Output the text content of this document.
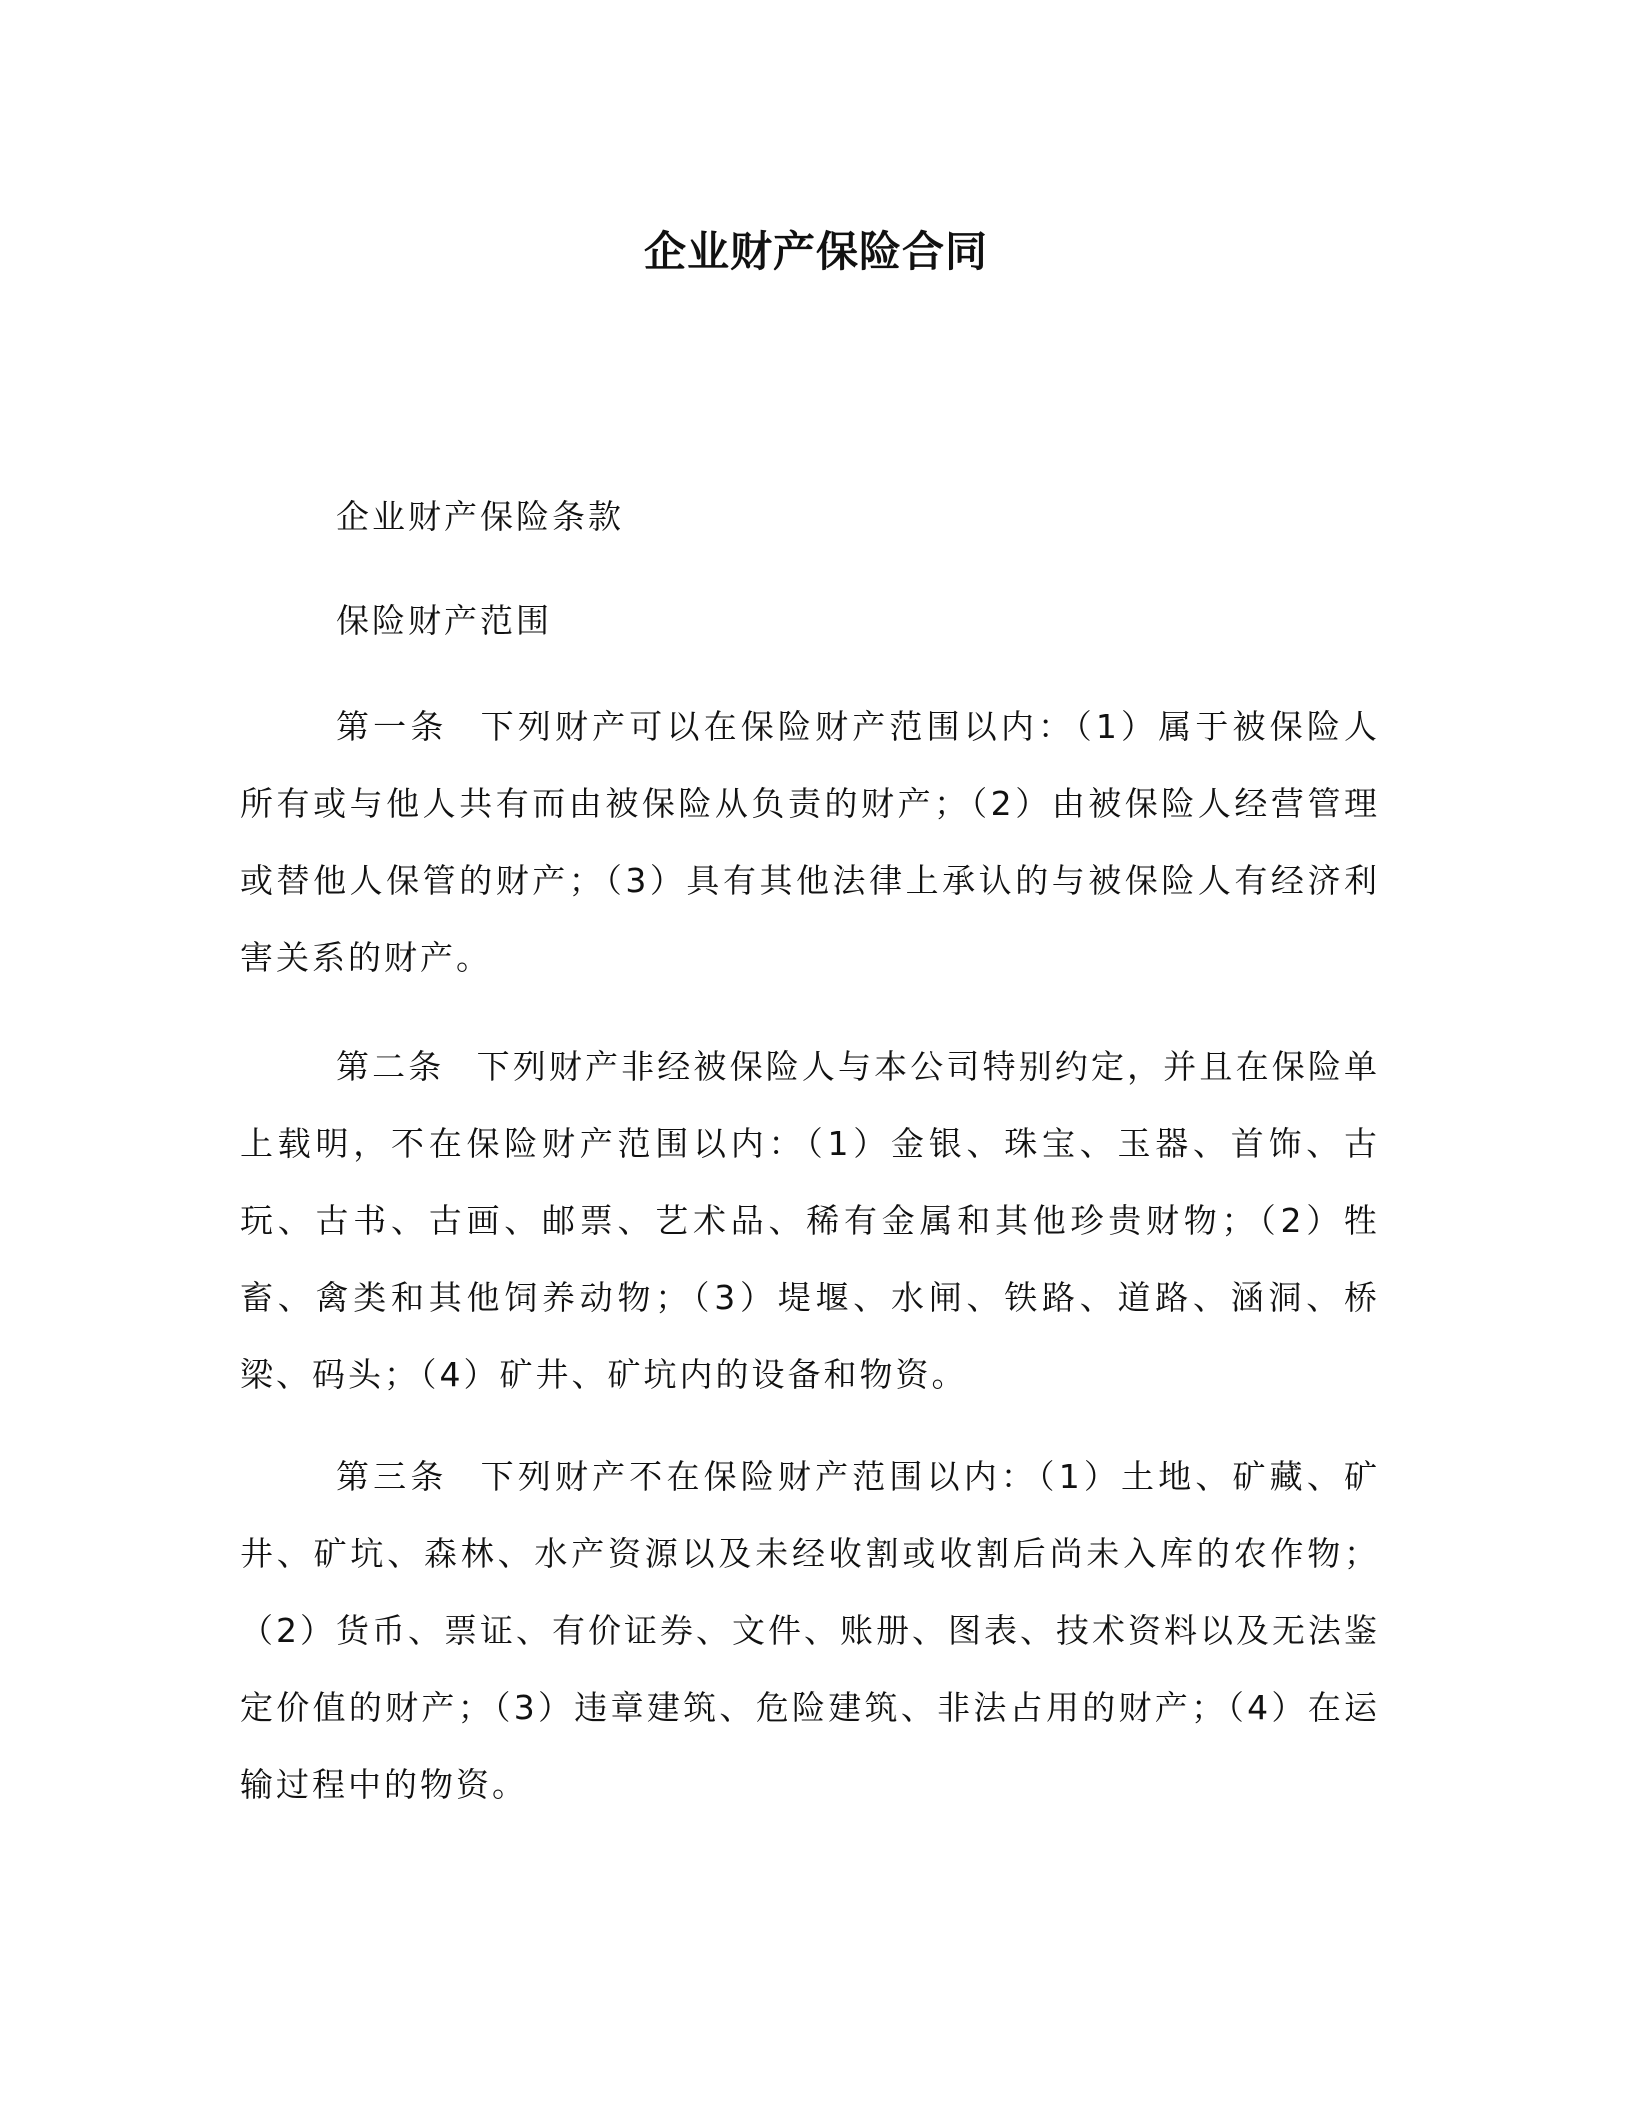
企业财产保险合同

企业财产保险条款

保险财产范围

第一条 下列财产可以在保险财产范围以内：（1）属于被保险人所有或与他人共有而由被保险从负责的财产；（2）由被保险人经营管理或替他人保管的财产；（3）具有其他法律上承认的与被保险人有经济利害关系的财产。

第二条 下列财产非经被保险人与本公司特别约定，并且在保险单上载明，不在保险财产范围以内：（1）金银、珠宝、玉器、首饰、古玩、古书、古画、邮票、艺术品、稀有金属和其他珍贵财物；（2）牲畜、禽类和其他饲养动物；（3）堤堰、水闸、铁路、道路、涵洞、桥梁、码头；（4）矿井、矿坑内的设备和物资。

第三条 下列财产不在保险财产范围以内：（1）土地、矿藏、矿井、矿坑、森林、水产资源以及未经收割或收割后尚未入库的农作物；（2）货币、票证、有价证券、文件、账册、图表、技术资料以及无法鉴定价值的财产；（3）违章建筑、危险建筑、非法占用的财产；（4）在运输过程中的物资。
